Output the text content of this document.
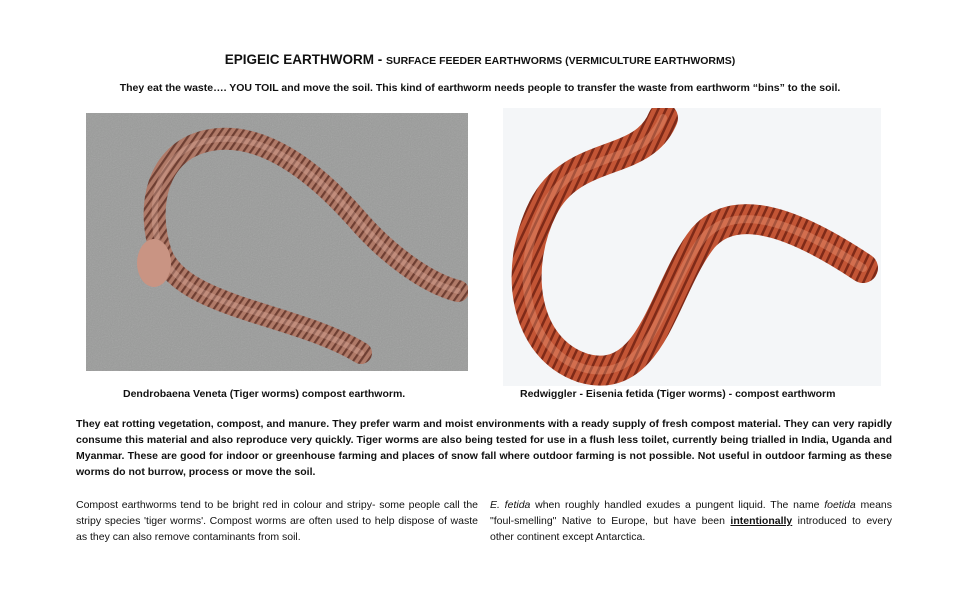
EPIGEIC EARTHWORM - SURFACE FEEDER EARTHWORMS (VERMICULTURE EARTHWORMS)
They eat the waste…. YOU TOIL and move the soil. This kind of earthworm needs people to transfer the waste from earthworm “bins” to the soil.
Dendrobaena Veneta (Tiger worms) compost earthworm.	Redwiggler - Eisenia fetida (Tiger worms) - compost earthworm
They eat rotting vegetation, compost, and manure. They prefer warm and moist environments with a ready supply of fresh compost material. They can very rapidly consume this material and also reproduce very quickly. Tiger worms are also being tested for use in a flush less toilet, currently being trialled in India, Uganda and Myanmar. These are good for indoor or greenhouse farming and places of snow fall where outdoor farming is not possible. Not useful in outdoor farming as these worms do not burrow, process or move the soil.
Compost earthworms tend to be bright red in colour and stripy- some people call the stripy species 'tiger worms'. Compost worms are often used to help dispose of waste as they can also remove contaminants from soil.
E. fetida when roughly handled exudes a pungent liquid. The name foetida means "foul-smelling" Native to Europe, but have been intentionally introduced to every other continent except Antarctica.
